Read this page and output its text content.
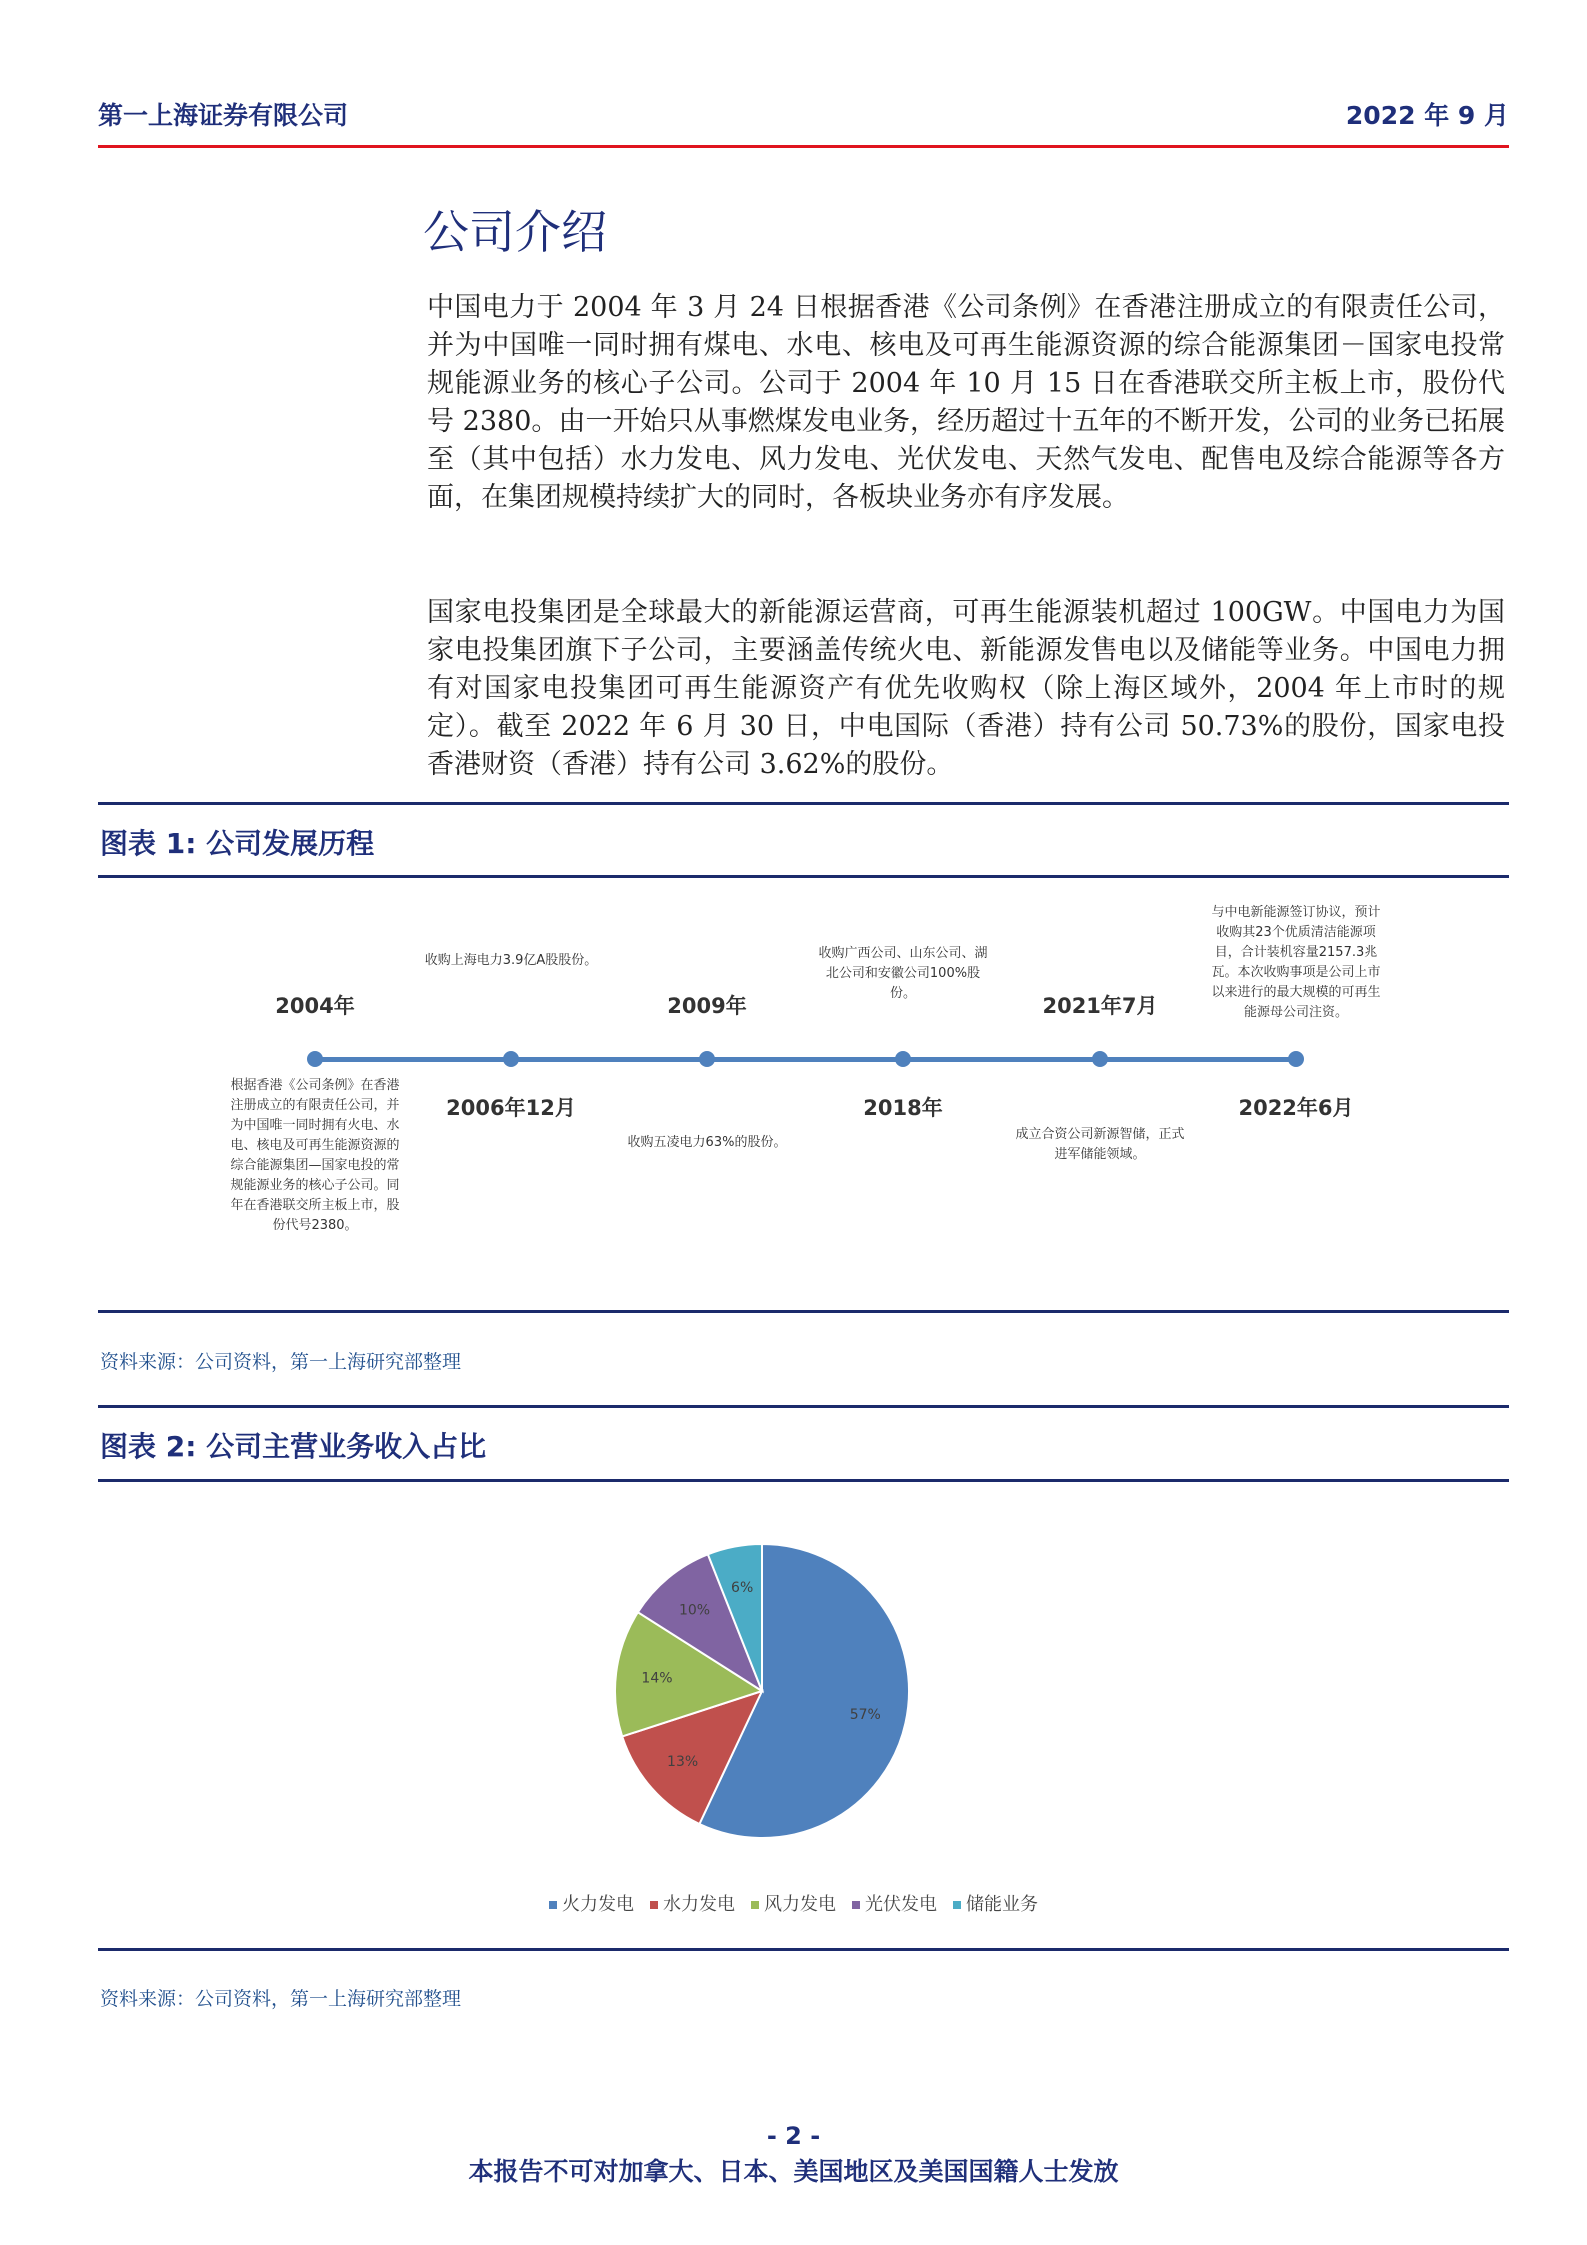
第一上海证券有限公司	2022 年 9 月
公司介绍
中国电力于 2004 年 3 月 24 日根据香港《公司条例》在香港注册成立的有限责任公司，并为中国唯一同时拥有煤电、水电、核电及可再生能源资源的综合能源集团－国家电投常规能源业务的核心子公司。公司于 2004 年 10 月 15 日在香港联交所主板上市，股份代号 2380。由一开始只从事燃煤发电业务，经历超过十五年的不断开发，公司的业务已拓展至（其中包括）水力发电、风力发电、光伏发电、天然气发电、配售电及综合能源等各方面，在集团规模持续扩大的同时，各板块业务亦有序发展。
国家电投集团是全球最大的新能源运营商，可再生能源装机超过 100GW。中国电力为国家电投集团旗下子公司，主要涵盖传统火电、新能源发售电以及储能等业务。中国电力拥有对国家电投集团可再生能源资产有优先收购权（除上海区域外，2004 年上市时的规定）。截至 2022 年 6 月 30 日，中电国际（香港）持有公司 50.73%的股份，国家电投香港财资（香港）持有公司 3.62%的股份。
图表 1: 公司发展历程
2004年
根据香港《公司条例》在香港注册成立的有限责任公司，并为中国唯一同时拥有火电、水电、核电及可再生能源资源的综合能源集团—国家电投的常规能源业务的核心子公司。同年在香港联交所主板上市，股份代号2380。
2006年12月
收购上海电力3.9亿A股股份。
2009年
收购五凌电力63%的股份。
2018年
收购广西公司、山东公司、湖北公司和安徽公司100%股份。
2021年7月
成立合资公司新源智储，正式进军储能领域。
2022年6月
与中电新能源签订协议，预计收购其23个优质清洁能源项目，合计装机容量2157.3兆瓦。本次收购事项是公司上市以来进行的最大规模的可再生能源母公司注资。
资料来源：公司资料，第一上海研究部整理
图表 2: 公司主营业务收入占比
57%
13%
14%
10%
6%
火力发电 水力发电 风力发电 光伏发电 储能业务
资料来源：公司资料，第一上海研究部整理
- 2 -
本报告不可对加拿大、日本、美国地区及美国国籍人士发放
